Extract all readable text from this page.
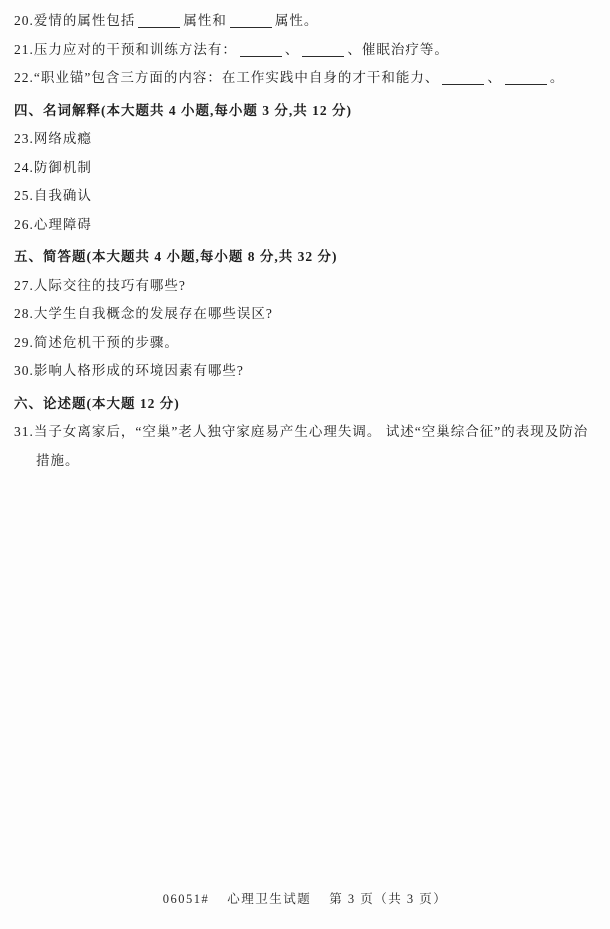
20.爱情的属性包括	属性和	属性。
21.压力应对的干预和训练方法有：	、	、催眠治疗等。
22.“职业锚”包含三方面的内容：在工作实践中自身的才干和能力、	、	。
四、名词解释(本大题共 4 小题,每小题 3 分,共 12 分)
23.网络成瘾
24.防御机制
25.自我确认
26.心理障碍
五、简答题(本大题共 4 小题,每小题 8 分,共 32 分)
27.人际交往的技巧有哪些?
28.大学生自我概念的发展存在哪些误区?
29.简述危机干预的步骤。
30.影响人格形成的环境因素有哪些?
六、论述题(本大题 12 分)
31.当子女离家后，“空巢”老人独守家庭易产生心理失调。 试述“空巢综合征”的表现及防治
措施。
06051# 心理卫生试题 第 3 页（共 3 页）
